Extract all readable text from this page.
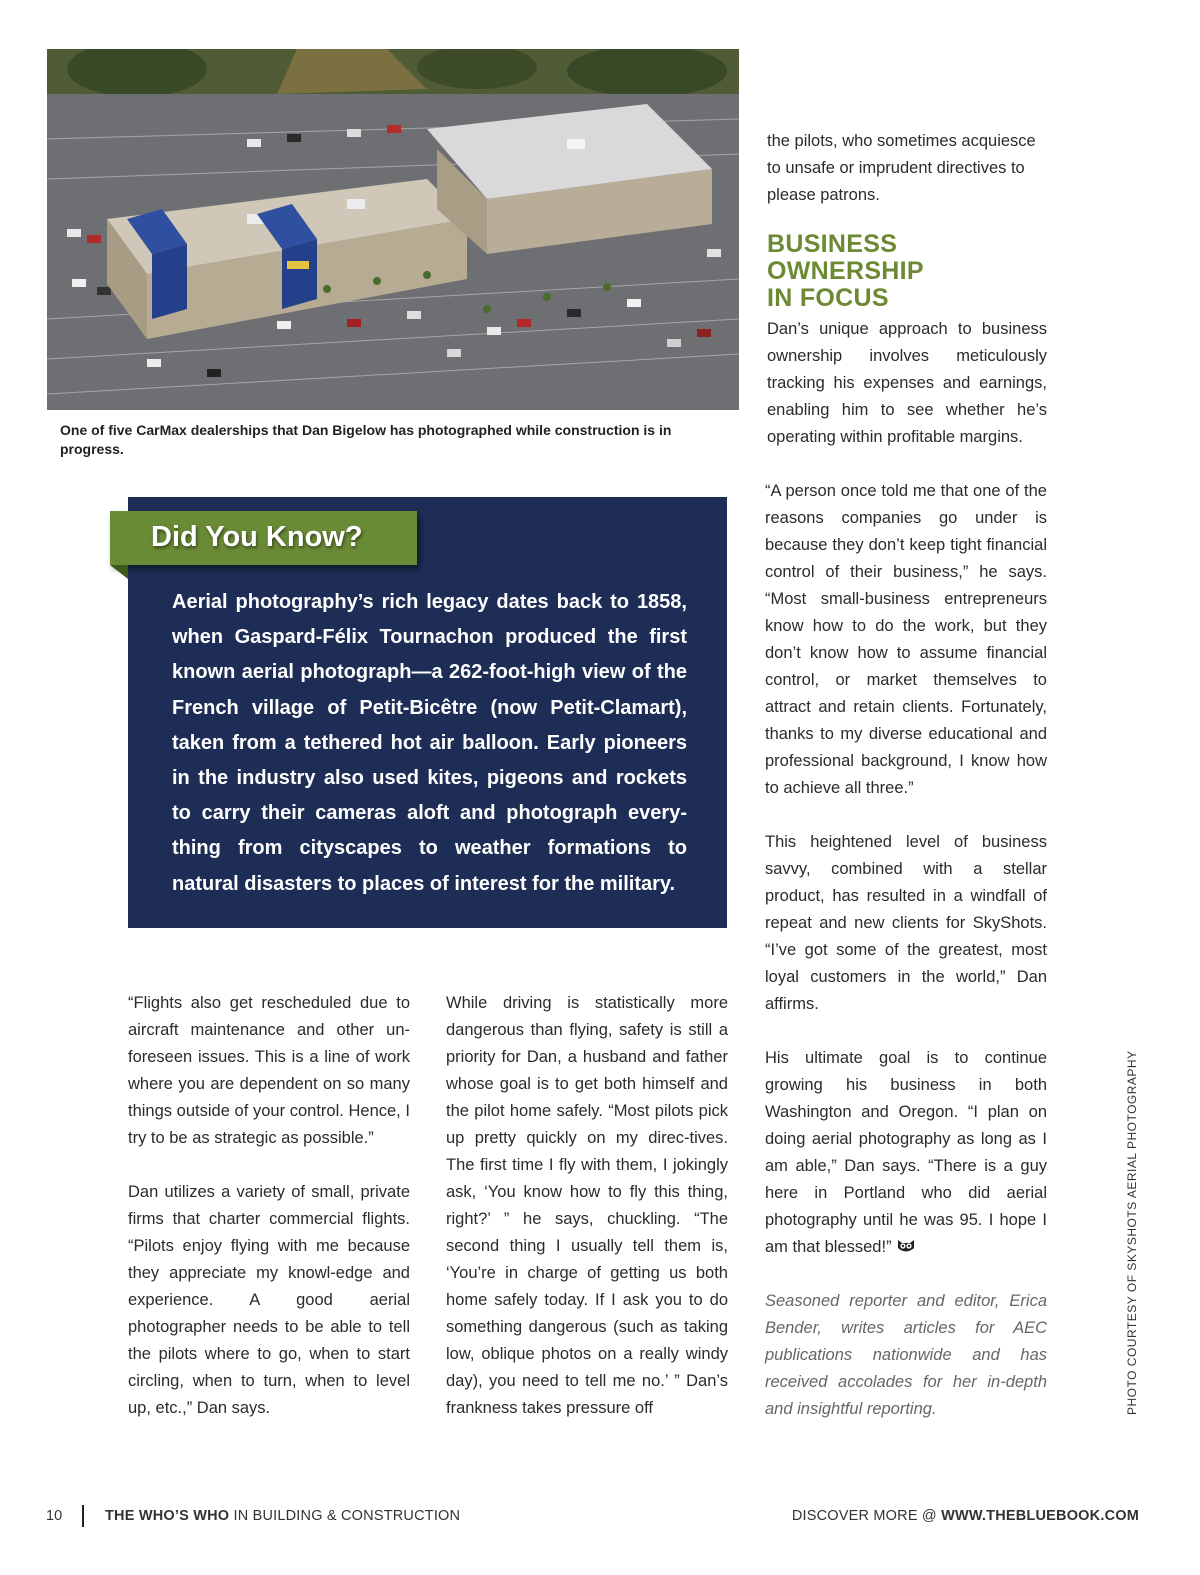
One of five CarMax dealerships that Dan Bigelow has photographed while construction is in progress.
the pilots, who sometimes acquiesce to unsafe or imprudent directives to please patrons.
BUSINESS
OWNERSHIP
IN FOCUS
Dan’s unique approach to business ownership involves meticulously tracking his expenses and earnings, enabling him to see whether he’s operating within profitable margins.

“A person once told me that one of the reasons companies go under is because they don’t keep tight financial control of their business,” he says. “Most small-business entrepreneurs know how to do the work, but they don’t know how to assume financial control, or market themselves to attract and retain clients. Fortunately, thanks to my diverse educational and professional background, I know how to achieve all three.”

This heightened level of business savvy, combined with a stellar product, has resulted in a windfall of repeat and new clients for SkyShots. “I’ve got some of the greatest, most loyal customers in the world,” Dan affirms.

His ultimate goal is to continue growing his business in both Washington and Oregon. “I plan on doing aerial photography as long as I am able,” Dan says. “There is a guy here in Portland who did aerial photography until he was 95. I hope I am that blessed!”

Seasoned reporter and editor, Erica Bender, writes articles for AEC publications nationwide and has received accolades for her in-depth and insightful reporting.

Did You Know?
Aerial photography’s rich legacy dates back to 1858, when Gaspard-Félix Tournachon produced the first known aerial photograph—a 262-foot-high view of the French village of Petit-Bicêtre (now Petit-Clamart), taken from a tethered hot air balloon. Early pioneers in the industry also used kites, pigeons and rockets to carry their cameras aloft and photograph every-thing from cityscapes to weather formations to natural disasters to places of interest for the military.

“Flights also get rescheduled due to aircraft maintenance and other un-foreseen issues. This is a line of work where you are dependent on so many things outside of your control. Hence, I try to be as strategic as possible.”

Dan utilizes a variety of small, private firms that charter commercial flights. “Pilots enjoy flying with me because they appreciate my knowl-edge and experience. A good aerial photographer needs to be able to tell the pilots where to go, when to start circling, when to turn, when to level up, etc.,” Dan says.

While driving is statistically more dangerous than flying, safety is still a priority for Dan, a husband and father whose goal is to get both himself and the pilot home safely. “Most pilots pick up pretty quickly on my direc-tives. The first time I fly with them, I jokingly ask, ‘You know how to fly this thing, right?’ ” he says, chuckling. “The second thing I usually tell them is, ‘You’re in charge of getting us both home safely today. If I ask you to do something dangerous (such as taking low, oblique photos on a really windy day), you need to tell me no.’ ” Dan’s frankness takes pressure off	PHOTO COURTESY OF SKYSHOTS AERIAL PHOTOGRAPHY
10	THE WHO’S WHO IN BUILDING & CONSTRUCTION	DISCOVER MORE @ WWW.THEBLUEBOOK.COM
